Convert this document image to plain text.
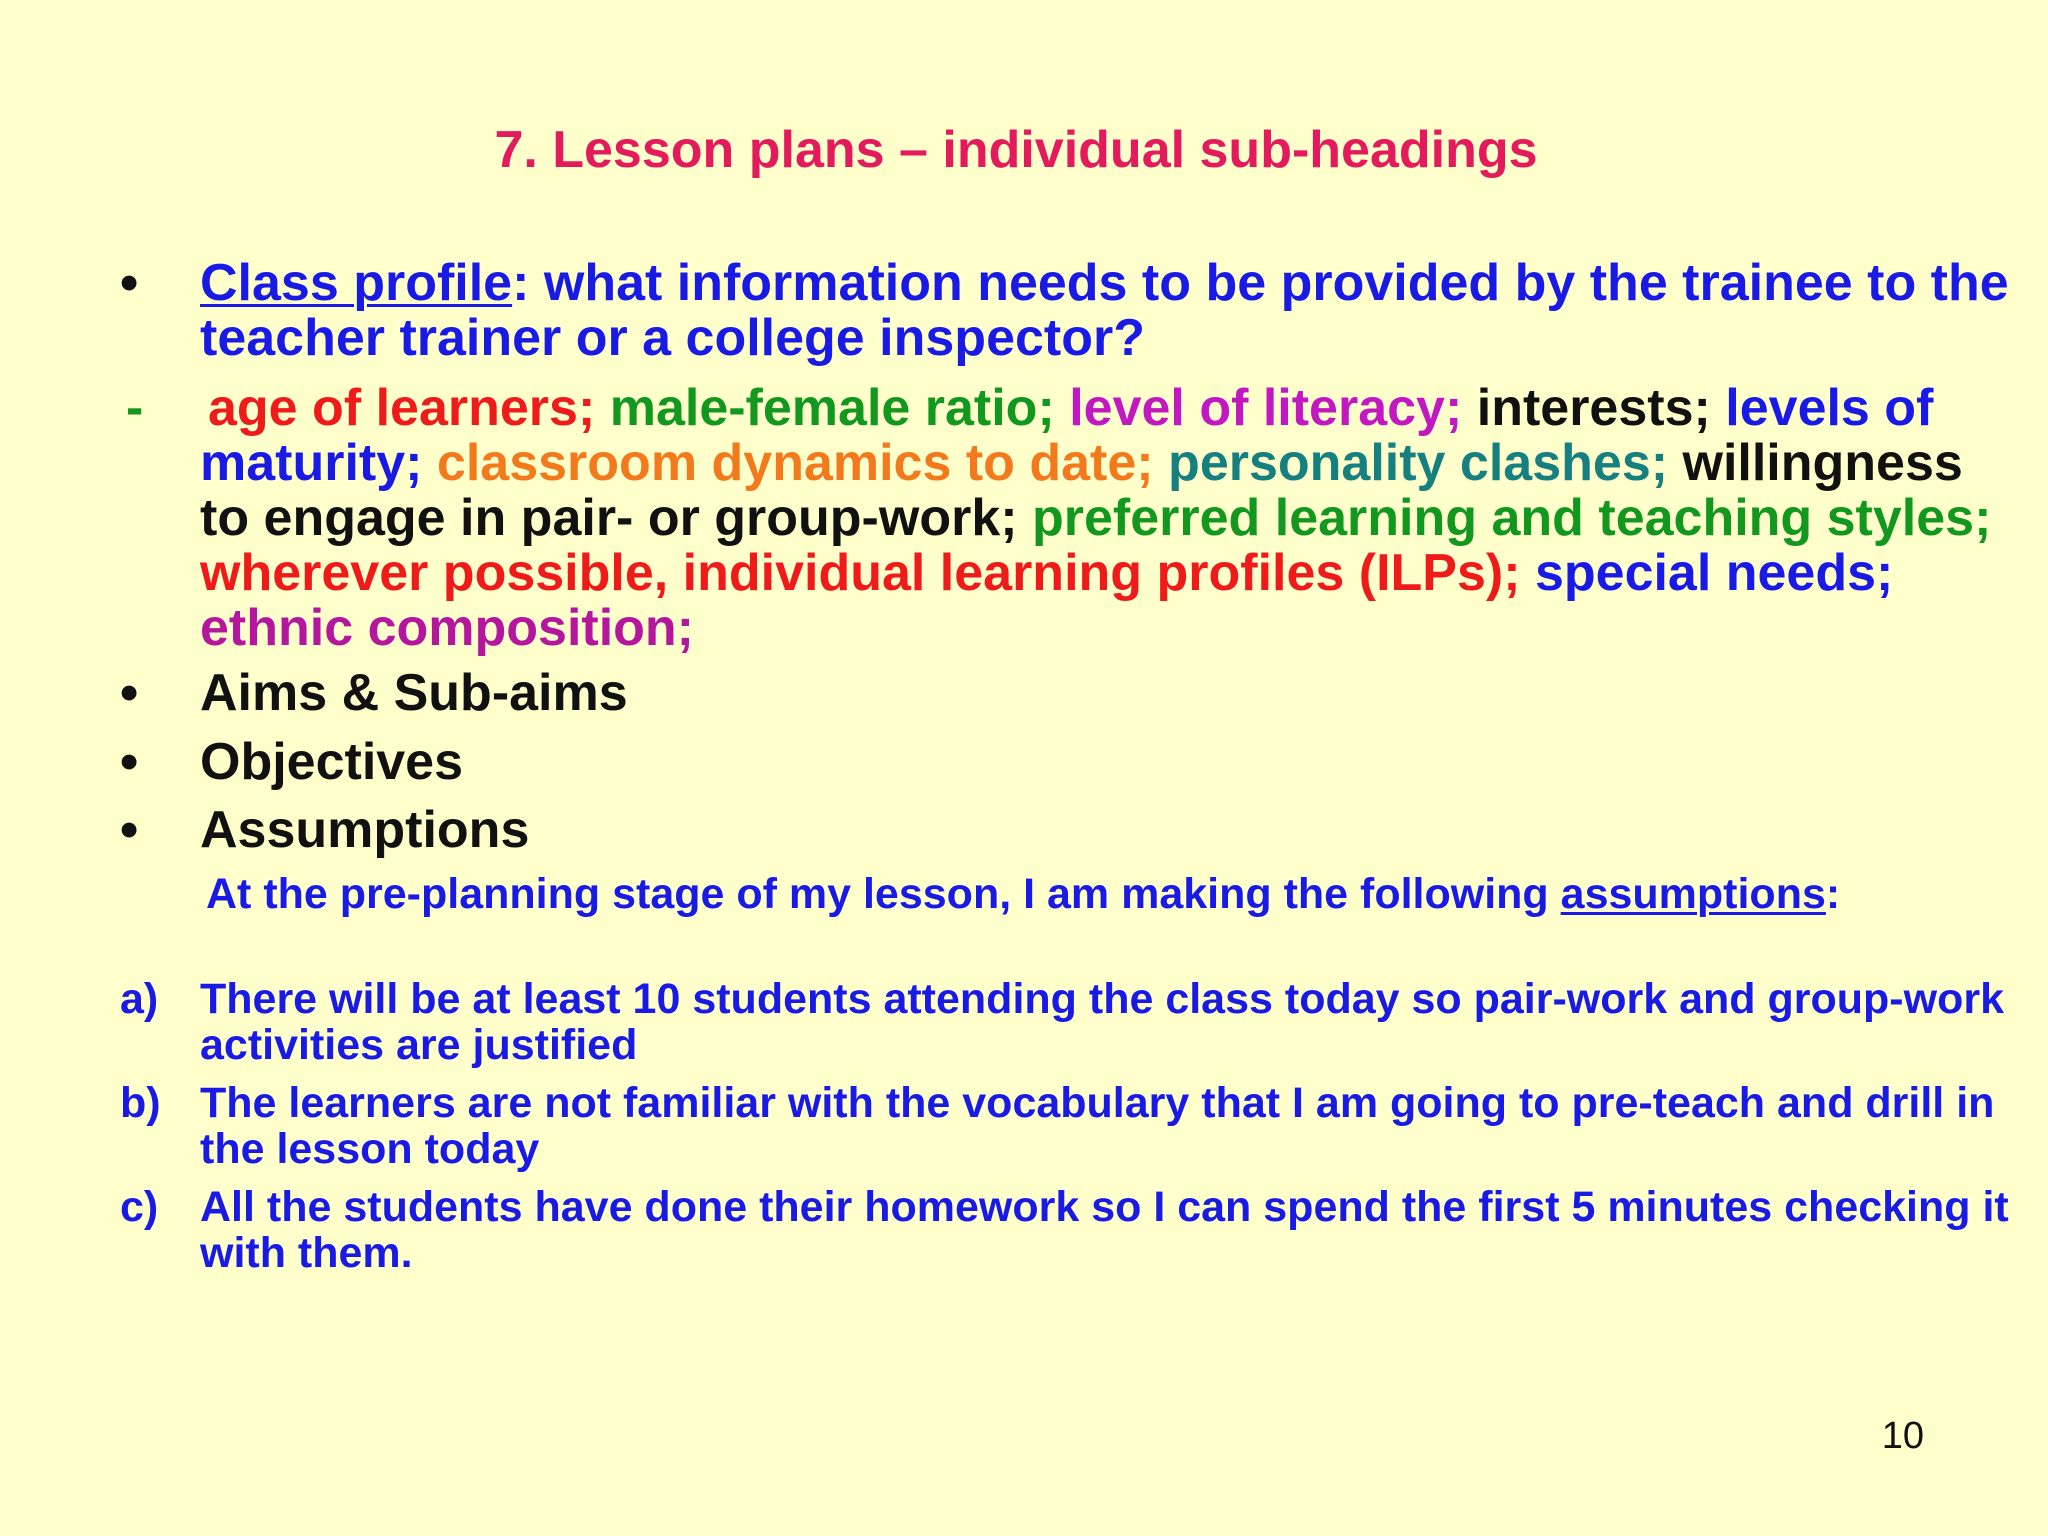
7. Lesson plans – individual sub-headings
• Class profile: what information needs to be provided by the trainee to the teacher trainer or a college inspector?
- age of learners; male-female ratio; level of literacy; interests; levels of maturity; classroom dynamics to date; personality clashes; willingness to engage in pair- or group-work; preferred learning and teaching styles; wherever possible, individual learning profiles (ILPs); special needs; ethnic composition;
• Aims & Sub-aims
• Objectives
• Assumptions
At the pre-planning stage of my lesson, I am making the following assumptions:
a) There will be at least 10 students attending the class today so pair-work and group-work activities are justified
b) The learners are not familiar with the vocabulary that I am going to pre-teach and drill in the lesson today
c) All the students have done their homework so I can spend the first 5 minutes checking it with them.
10
